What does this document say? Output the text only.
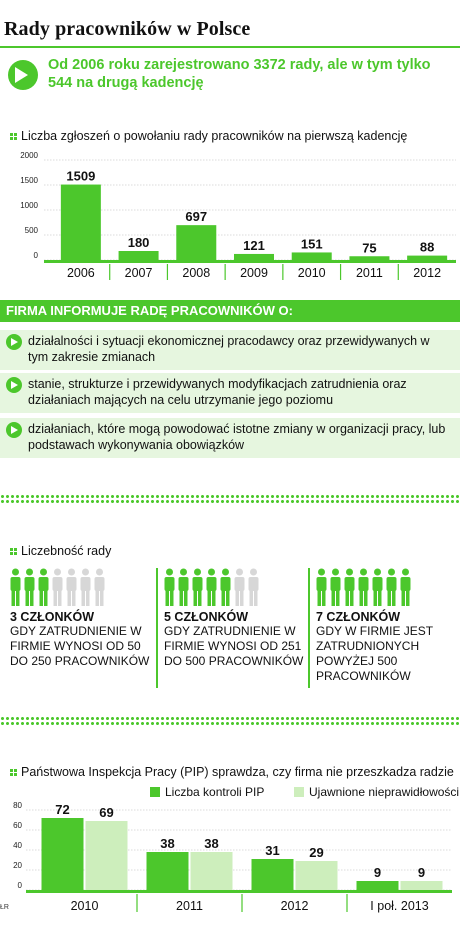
Rady pracowników w Polsce
Od 2006 roku zarejestrowano 3372 rady, ale w tym tylko 544 na drugą kadencję
Liczba zgłoszeń o powołaniu rady pracowników na pierwszą kadencję
0
500
1000
1500
2000
1509
2006
180
2007
697
2008
121
2009
151
2010
75
2011
88
2012
FIRMA INFORMUJE RADĘ PRACOWNIKÓW O:
działalności i sytuacji ekonomicznej pracodawcy oraz przewidywanych w tym zakresie zmianach
stanie, strukturze i przewidywanych modyfikacjach zatrudnienia oraz działaniach mających na celu utrzymanie jego poziomu
działaniach, które mogą powodować istotne zmiany w organizacji pracy, lub podstawach wykonywania obowiązków
Liczebność rady
3 CZŁONKÓW
GDY ZATRUDNIENIE W FIRMIE WYNOSI OD 50 DO 250 PRACOWNIKÓW
5 CZŁONKÓW
GDY ZATRUDNIENIE W FIRMIE WYNOSI OD 251 DO 500 PRACOWNIKÓW
7 CZŁONKÓW
GDY W FIRMIE JEST ZATRUDNIONYCH POWYŻEJ 500 PRACOWNIKÓW
Państwowa Inspekcja Pracy (PIP) sprawdza, czy firma nie przeszkadza radzie
Liczba kontroli PIP	Ujawnione nieprawidłowości
0
20
40
60
80	72 69
2010
38 38
2011
31 29
2012
9	9
I poł. 2013
ŁR
